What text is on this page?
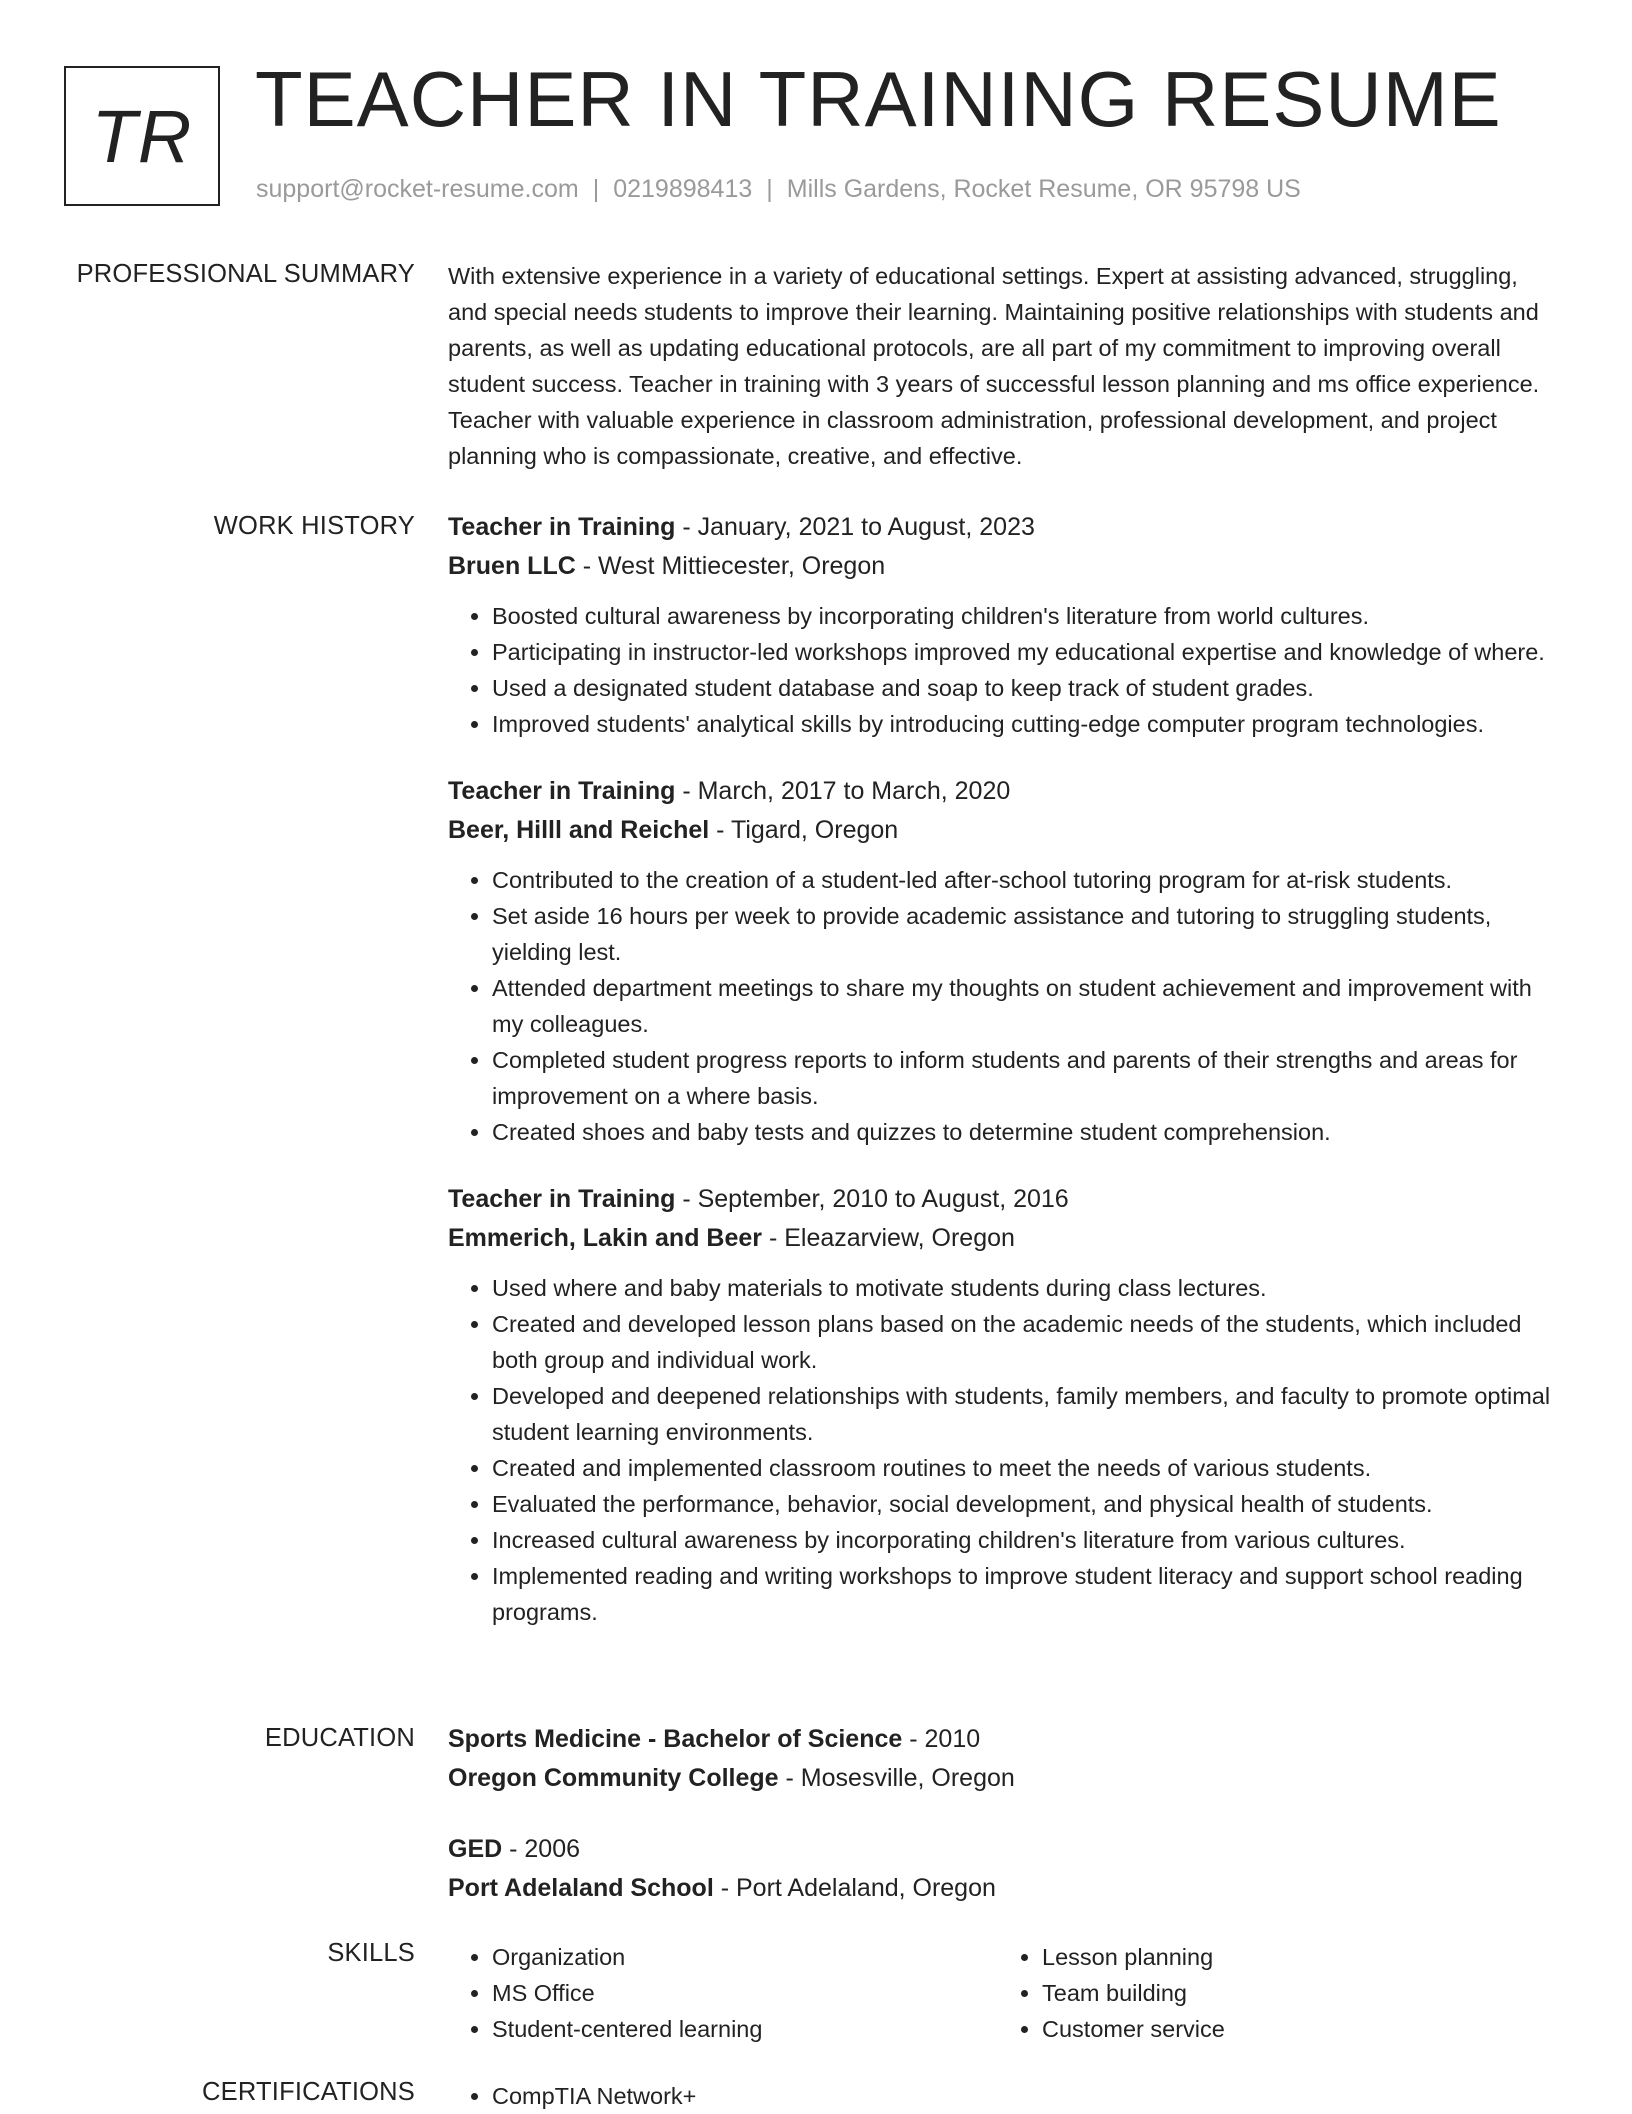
TR TEACHER IN TRAINING RESUME
support@rocket-resume.com | 0219898413 | Mills Gardens, Rocket Resume, OR 95798 US
PROFESSIONAL SUMMARY With extensive experience in a variety of educational settings. Expert at assisting advanced, struggling, and special needs students to improve their learning. Maintaining positive relationships with students and parents, as well as updating educational protocols, are all part of my commitment to improving overall student success. Teacher in training with 3 years of successful lesson planning and ms office experience. Teacher with valuable experience in classroom administration, professional development, and project planning who is compassionate, creative, and effective.

WORK HISTORY Teacher in Training - January, 2021 to August, 2023
Bruen LLC - West Mittiecester, Oregon
• Boosted cultural awareness by incorporating children's literature from world cultures.
• Participating in instructor-led workshops improved my educational expertise and knowledge of where.
• Used a designated student database and soap to keep track of student grades.
• Improved students' analytical skills by introducing cutting-edge computer program technologies.
Teacher in Training - March, 2017 to March, 2020
Beer, Hilll and Reichel - Tigard, Oregon
• Contributed to the creation of a student-led after-school tutoring program for at-risk students.
• Set aside 16 hours per week to provide academic assistance and tutoring to struggling students, yielding lest.
• Attended department meetings to share my thoughts on student achievement and improvement with my colleagues.
• Completed student progress reports to inform students and parents of their strengths and areas for improvement on a where basis.
• Created shoes and baby tests and quizzes to determine student comprehension.
Teacher in Training - September, 2010 to August, 2016
Emmerich, Lakin and Beer - Eleazarview, Oregon
• Used where and baby materials to motivate students during class lectures.
• Created and developed lesson plans based on the academic needs of the students, which included both group and individual work.
• Developed and deepened relationships with students, family members, and faculty to promote optimal student learning environments.
• Created and implemented classroom routines to meet the needs of various students.
• Evaluated the performance, behavior, social development, and physical health of students.
• Increased cultural awareness by incorporating children's literature from various cultures.
• Implemented reading and writing workshops to improve student literacy and support school reading programs.
EDUCATION Sports Medicine - Bachelor of Science - 2010
Oregon Community College - Mosesville, Oregon
GED - 2006
Port Adelaland School - Port Adelaland, Oregon
SKILLS	• Organization
• MS Office
• Student-centered learning
• Lesson planning
• Team building
• Customer service
CERTIFICATIONS	• CompTIA Network+
